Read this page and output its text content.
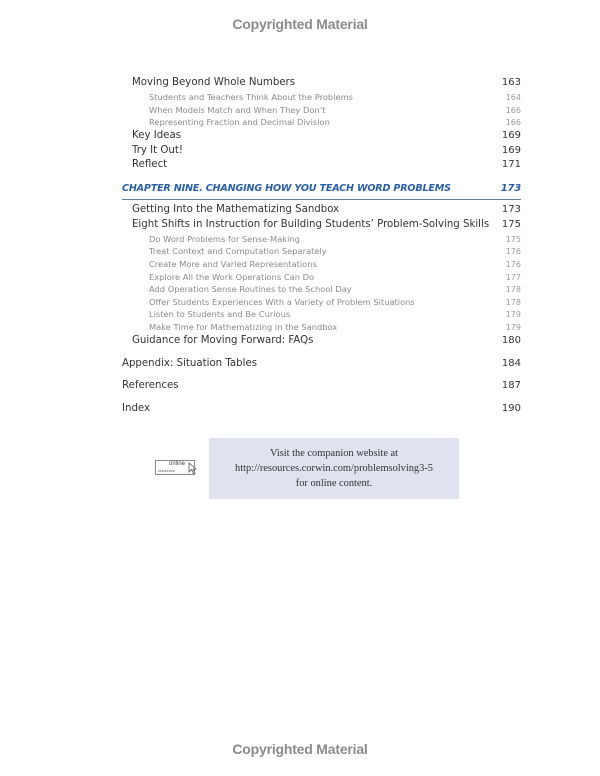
Copyrighted Material
Moving Beyond Whole Numbers	163
Students and Teachers Think About the Problems	164
When Models Match and When They Don’t	166
Representing Fraction and Decimal Division	166
Key Ideas	169
Try It Out!	169
Reflect	171
CHAPTER NINE. CHANGING HOW YOU TEACH WORD PROBLEMS	173
Getting Into the Mathematizing Sandbox	173
Eight Shifts in Instruction for Building Students’ Problem-Solving Skills 175
Do Word Problems for Sense-Making	175
Treat Context and Computation Separately	176
Create More and Varied Representations	176
Explore All the Work Operations Can Do	177
Add Operation Sense Routines to the School Day	178
Offer Students Experiences With a Variety of Problem Situations	178
Listen to Students and Be Curious	179
Make Time for Mathematizing in the Sandbox	179
Guidance for Moving Forward: FAQs	180
Appendix: Situation Tables	184
References	187
Index	190
online
resources
Visit the companion website at
http://resources.corwin.com/problemsolving3-5
for online content.
Copyrighted Material
